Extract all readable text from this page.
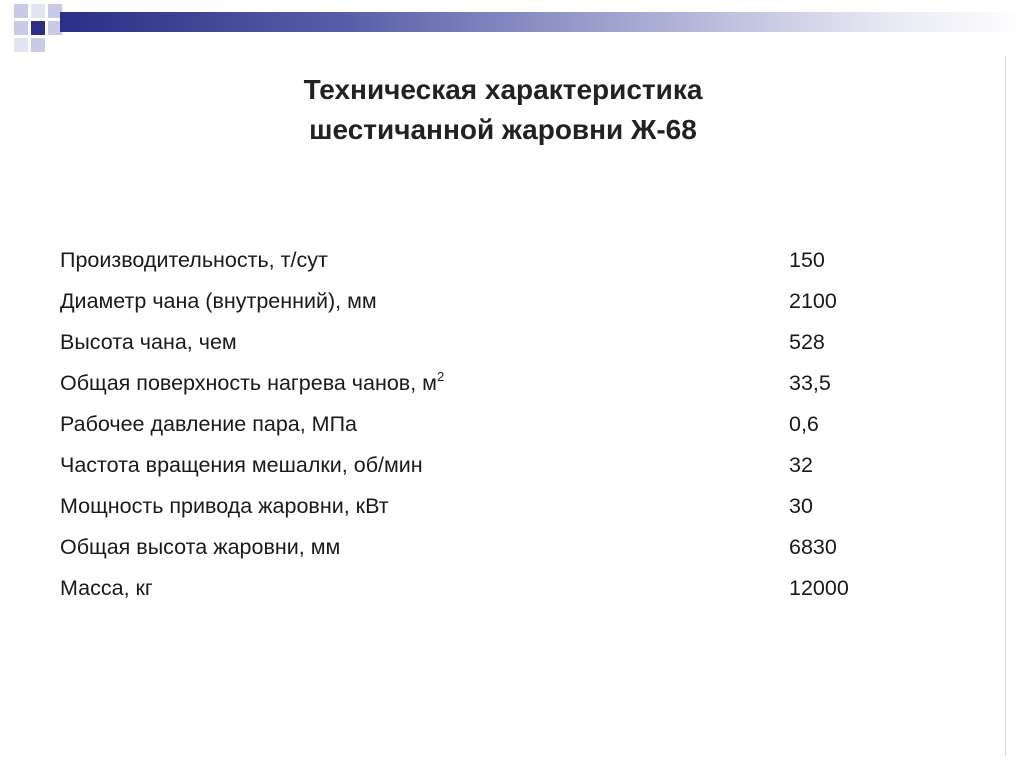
Техническая характеристика
шестичанной жаровни Ж-68
Производительность, т/сут	150
Диаметр чана (внутренний), мм	2100
Высота чана, чем	528
Общая поверхность нагрева чанов, $м^2$	33,5
Рабочее давление пара, МПа	0,6
Частота вращения мешалки, об/мин	32
Мощность привода жаровни, кВт	30
Общая высота жаровни, мм	6830
Масса, кг	12000
